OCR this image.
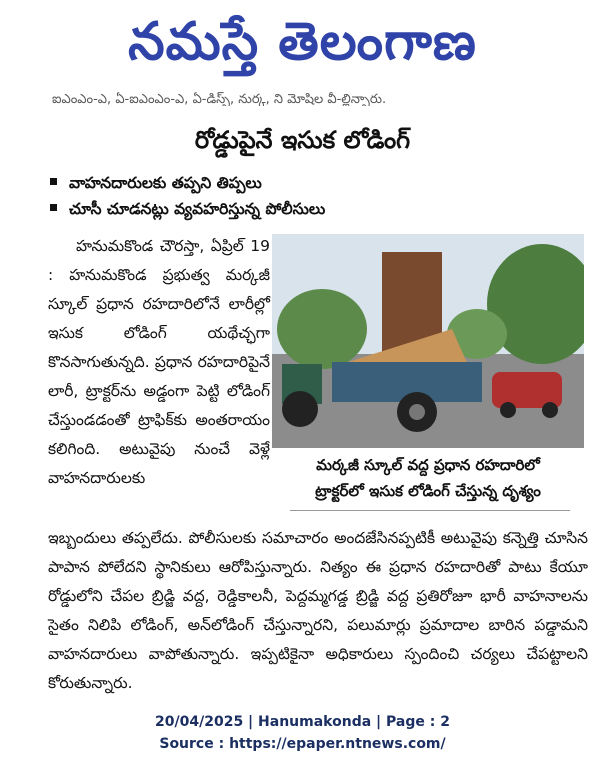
నమస్తే తెలంగాణ
ఐఎంఎం-ఎ, ఏ-ఐఎంఎం-ఎ, ఏ-డిస్స్, నుర్క, ని మోషిల వీ-ల్లిన్సారు.
రోడ్డుపైనే ఇసుక లోడింగ్
వాహనదారులకు తప్పని తిప్పలు
చూసీ చూడనట్లు వ్యవహరిస్తున్న పోలీసులు

హనుమకొండ చౌరస్తా, ఏప్రిల్ 19 : హనుమకొండ ప్రభుత్వ మర్కజీ స్కూల్ ప్రధాన రహదారిలోనే లారీల్లో ఇసుక లోడింగ్ యథేచ్ఛగా కొనసాగుతున్నది. ప్రధాన రహదారిపైనే లారీ, ట్రాక్టర్‌ను అడ్డంగా పెట్టి లోడింగ్ చేస్తుండడంతో ట్రాఫిక్‌కు అంతరాయం కలిగింది. అటువైపు నుంచే వెళ్లే వాహనదారులకు

మర్కజీ స్కూల్ వద్ద ప్రధాన రహదారిలో
ట్రాక్టర్‌లో ఇసుక లోడింగ్ చేస్తున్న దృశ్యం

ఇబ్బందులు తప్పలేదు. పోలీసులకు సమాచారం అందజేసినప్పటికీ అటువైపు కన్నెత్తి చూసిన పాపాన పోలేదని స్థానికులు ఆరోపిస్తున్నారు. నిత్యం ఈ ప్రధాన రహదారితో పాటు కేయూ రోడ్డులోని చేపల బ్రిడ్జి వద్ద, రెడ్డికాలనీ, పెద్దమ్మగడ్డ బ్రిడ్జి వద్ద ప్రతిరోజూ భారీ వాహనాలను సైతం నిలిపి లోడింగ్, అన్‌లోడింగ్ చేస్తున్నారని, పలుమార్లు ప్రమాదాల బారిన పడ్డామని వాహనదారులు వాపోతున్నారు. ఇప్పటికైనా అధికారులు స్పందించి చర్యలు చేపట్టాలని కోరుతున్నారు.

20/04/2025 | Hanumakonda | Page : 2
Source : https://epaper.ntnews.com/
